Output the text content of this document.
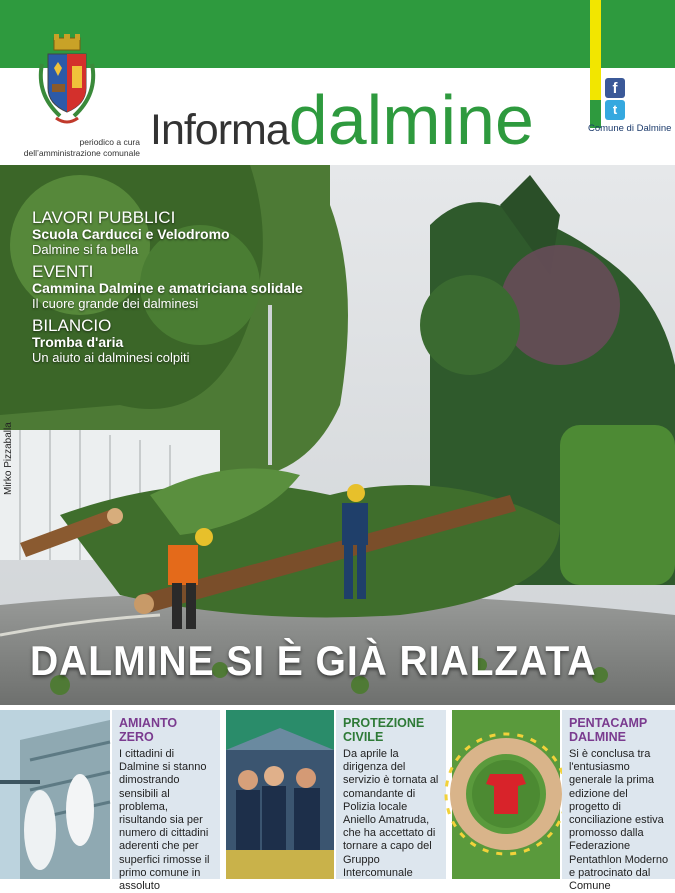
periodico a cura
dell’amministrazione comunale Informadalmine	f
t
Comune di Dalmine
LAVORI PUBBLICI
Scuola Carducci e Velodromo
Dalmine si fa bella
EVENTI
Cammina Dalmine e amatriciana solidale
Il cuore grande dei dalminesi
BILANCIO
Tromba d'aria
Un aiuto ai dalminesi colpiti
Mirko Pizzaballa
DALMINE SI È GIÀ RIALZATA
AMIANTO ZERO
I cittadini di Dalmine si stanno dimostrando sensibili al problema, risultando sia per numero di cittadini aderenti che per superfici rimosse il primo comune in assoluto
PROTEZIONE CIVILE
Da aprile la dirigenza del servizio è tornata al comandante di Polizia locale Aniello Amatruda, che ha accettato di tornare a capo del Gruppo Intercomunale
PENTACAMP DALMINE
Si è conclusa tra l'entusiasmo generale la prima edizione del progetto di conciliazione estiva promosso dalla Federazione Pentathlon Moderno e patrocinato dal Comune
